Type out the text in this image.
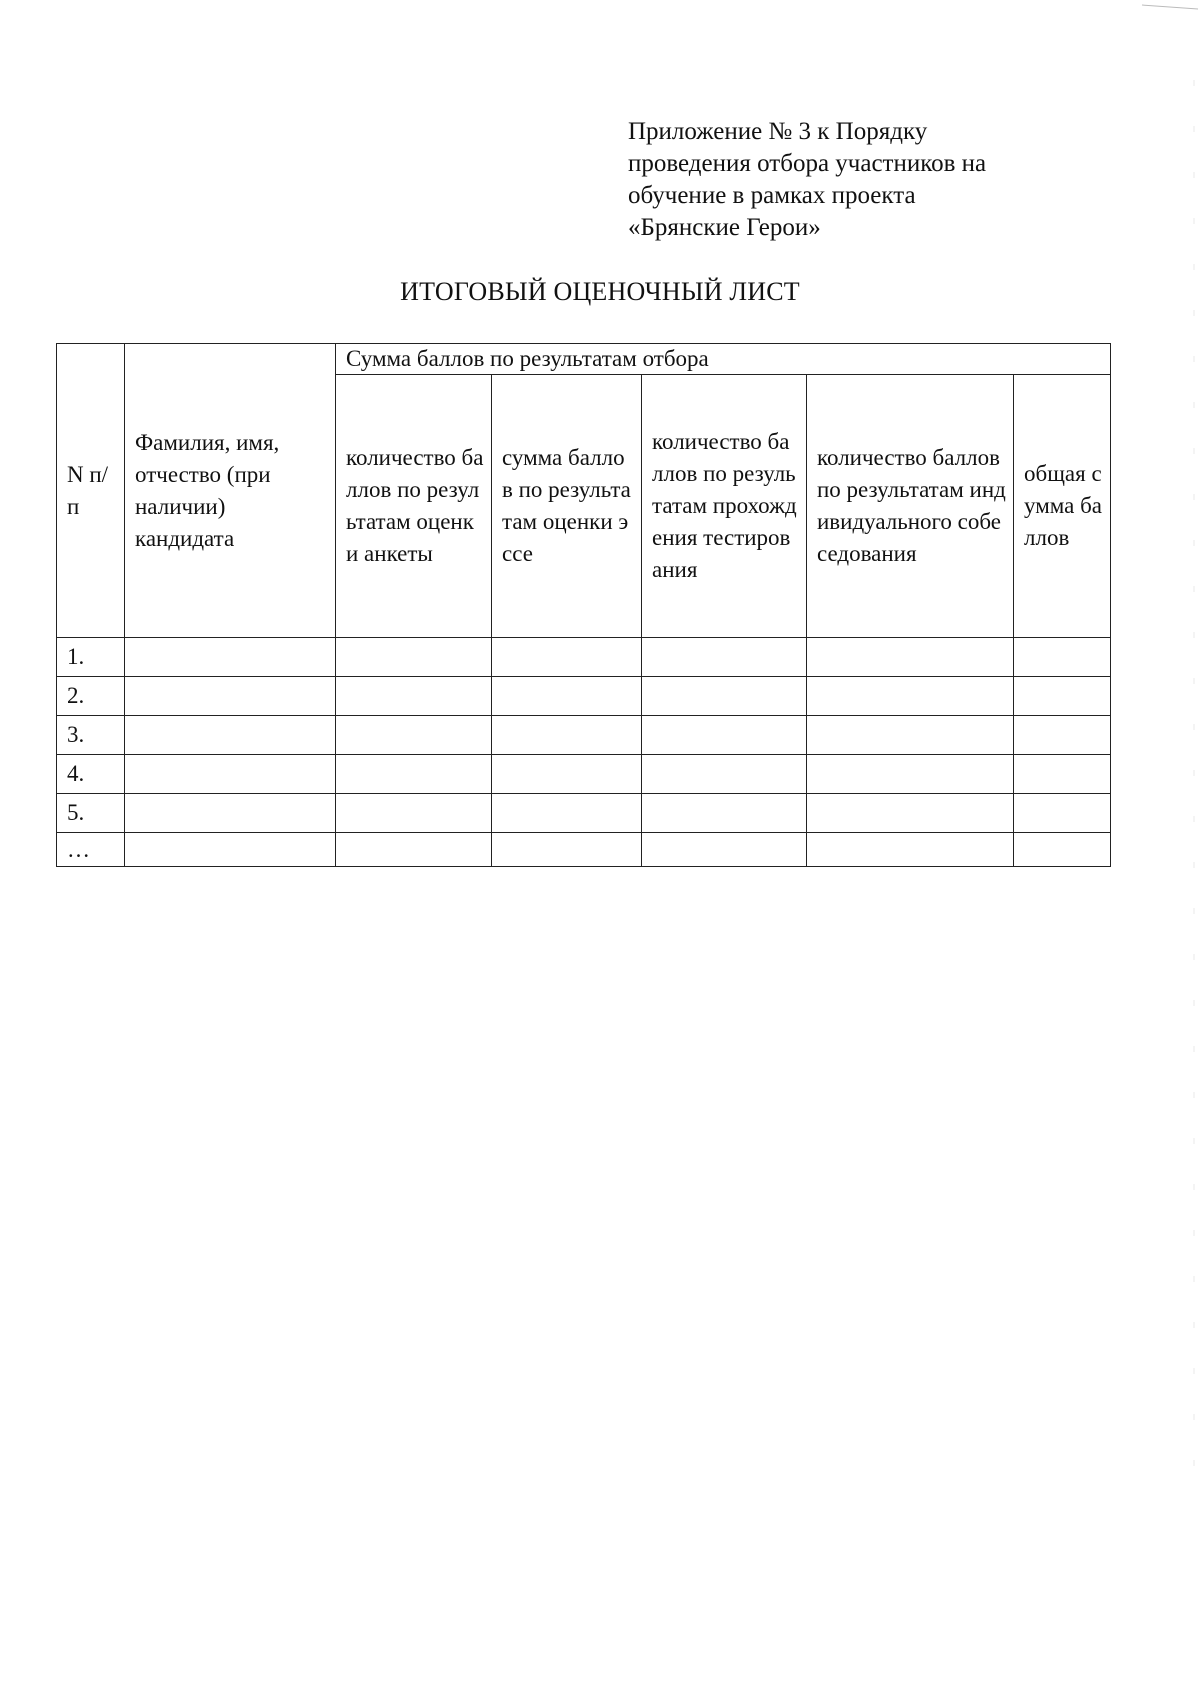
Приложение № 3 к Порядку
проведения отбора участников на
обучение в рамках проекта
«Брянские Герои»
ИТОГОВЫЙ ОЦЕНОЧНЫЙ ЛИСТ
N п/п	Фамилия, имя, отчество (при наличии) кандидата	Сумма баллов по результатам отбора				
		количество баллов по результатам оценки анкеты	сумма баллов по результатам оценки эссе	количество баллов по результатам прохождения тестирования	количество баллов по результатам индивидуального собеседования	общая сумма баллов
1.						
2.						
3.						
4.						
5.						
…						
